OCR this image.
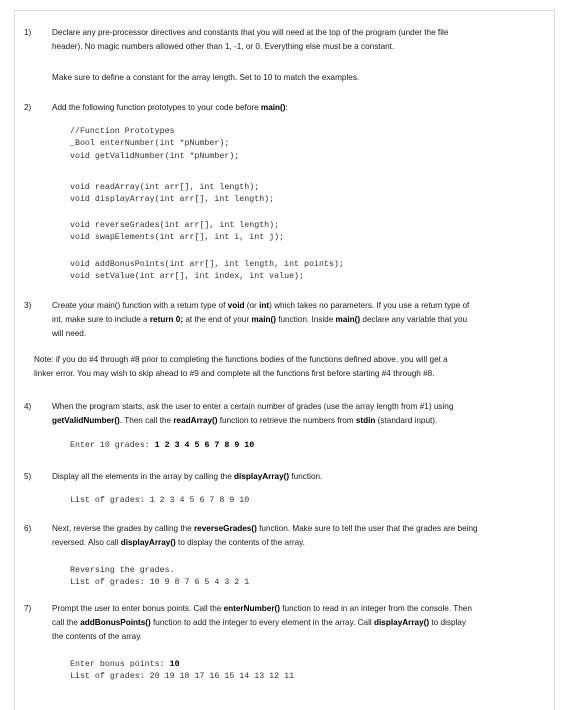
1)	Declare any pre-processor directives and constants that you will need at the top of the program (under the file
header). No magic numbers allowed other than 1, -1, or 0. Everything else must be a constant.
Make sure to define a constant for the array length. Set to 10 to match the examples.
2)	Add the following function prototypes to your code before main():
3)	Create your main() function with a return type of void (or int) which takes no parameters. If you use a return type of
int, make sure to include a return 0; at the end of your main() function. Inside main() declare any variable that you
will need.
Note: if you do #4 through #8 prior to completing the functions bodies of the functions defined above, you will get a
linker error. You may wish to skip ahead to #9 and complete all the functions first before starting #4 through #8.
4)	When the program starts, ask the user to enter a certain number of grades (use the array length from #1) using
getValidNumber(). Then call the readArray() function to retrieve the numbers from stdin (standard input).
5)	Display all the elements in the array by calling the displayArray() function.
6)	Next, reverse the grades by calling the reverseGrades() function. Make sure to tell the user that the grades are being
reversed. Also call displayArray() to display the contents of the array.
7)	Prompt the user to enter bonus points. Call the enterNumber() function to read in an integer from the console. Then
call the addBonusPoints() function to add the integer to every element in the array. Call displayArray() to display
the contents of the array.
//Function Prototypes
_Bool enterNumber(int *pNumber);
void getValidNumber(int *pNumber);
void readArray(int arr[], int length);
void displayArray(int arr[], int length);
void reverseGrades(int arr[], int length);
void swapElements(int arr[], int i, int j);
void addBonusPoints(int arr[], int length, int points);
void setValue(int arr[], int index, int value);
Enter 10 grades: 1 2 3 4 5 6 7 8 9 10
List of grades: 1 2 3 4 5 6 7 8 9 10
Reversing the grades.
List of grades: 10 9 8 7 6 5 4 3 2 1
Enter bonus points: 10
List of grades: 20 19 18 17 16 15 14 13 12 11
